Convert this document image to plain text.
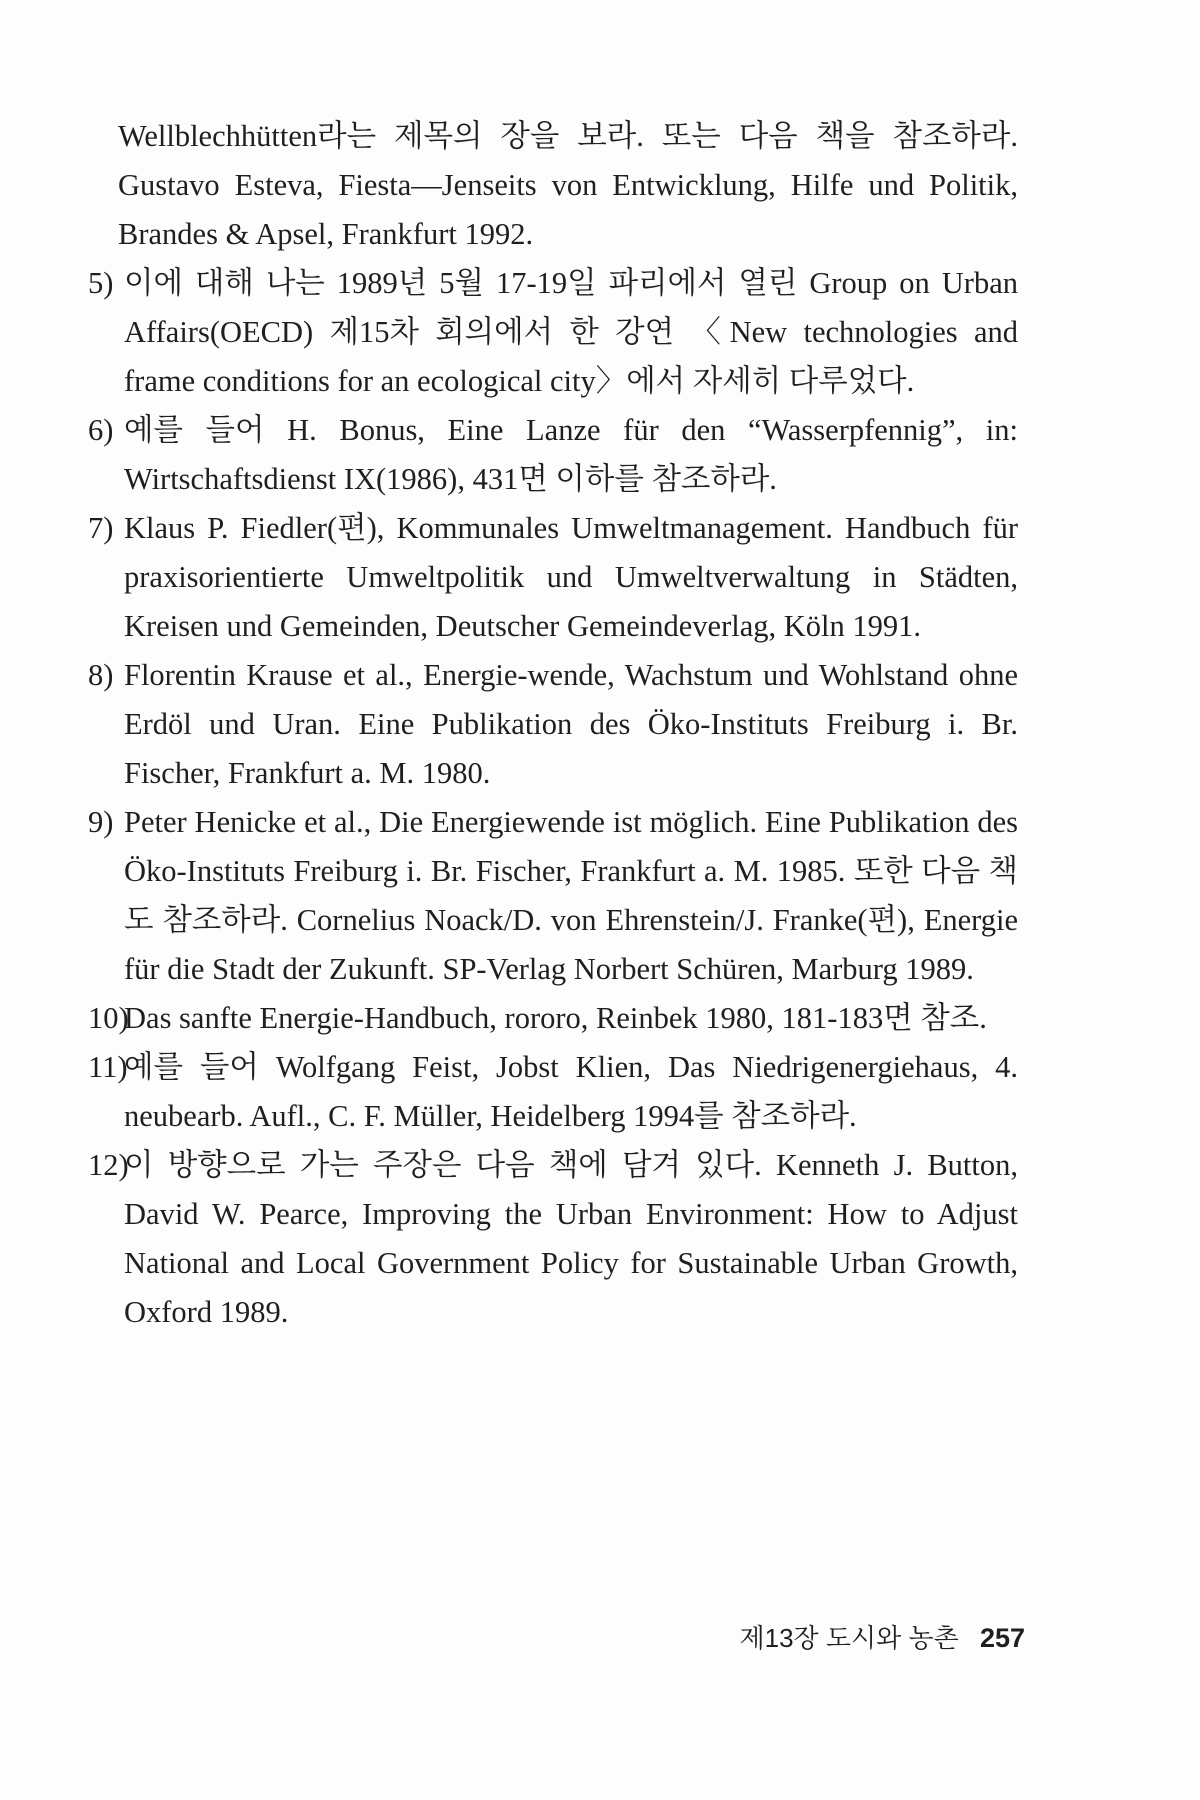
Wellblechhütten라는 제목의 장을 보라. 또는 다음 책을 참조하라. Gustavo Esteva, Fiesta—Jenseits von Entwicklung, Hilfe und Politik, Brandes & Apsel, Frankfurt 1992.
5) 이에 대해 나는 1989년 5월 17-19일 파리에서 열린 Group on Urban Affairs(OECD) 제15차 회의에서 한 강연 〈New technologies and frame conditions for an ecological city〉에서 자세히 다루었다.
6) 예를 들어 H. Bonus, Eine Lanze für den “Wasserpfennig”, in: Wirtschaftsdienst IX(1986), 431면 이하를 참조하라.
7) Klaus P. Fiedler(편), Kommunales Umweltmanagement. Handbuch für praxisorientierte Umweltpolitik und Umweltverwaltung in Städten, Kreisen und Gemeinden, Deutscher Gemeindeverlag, Köln 1991.
8) Florentin Krause et al., Energie-wende, Wachstum und Wohlstand ohne Erdöl und Uran. Eine Publikation des Öko-Instituts Freiburg i. Br. Fischer, Frankfurt a. M. 1980.
9) Peter Henicke et al., Die Energiewende ist möglich. Eine Publikation des Öko-Instituts Freiburg i. Br. Fischer, Frankfurt a. M. 1985. 또한 다음 책도 참조하라. Cornelius Noack/D. von Ehrenstein/J. Franke(편), Energie für die Stadt der Zukunft. SP-Verlag Norbert Schüren, Marburg 1989.
10)
Das sanfte Energie-Handbuch, rororo, Reinbek 1980, 181-183면 참조.
11)
예를 들어 Wolfgang Feist, Jobst Klien, Das Niedrigenergiehaus, 4. neubearb. Aufl., C. F. Müller, Heidelberg 1994를 참조하라.
12)
이 방향으로 가는 주장은 다음 책에 담겨 있다. Kenneth J. Button, David W. Pearce, Improving the Urban Environment: How to Adjust National and Local Government Policy for Sustainable Urban Growth, Oxford 1989.
제13장 도시와 농촌 257
